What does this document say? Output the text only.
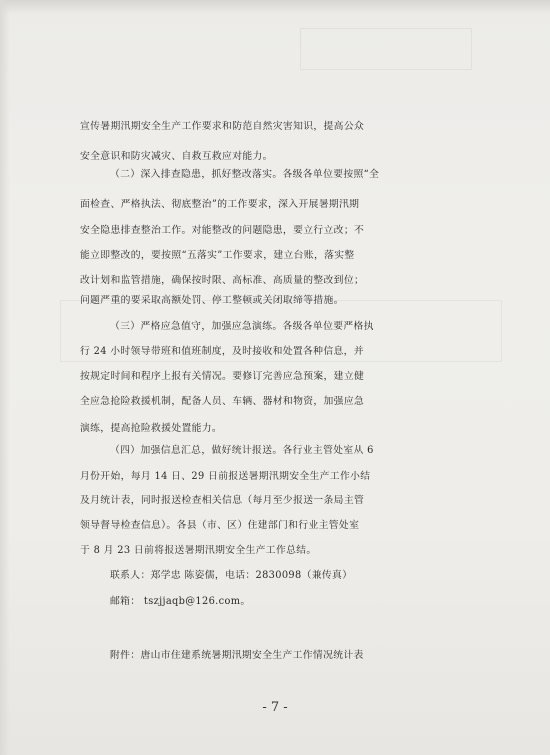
宣传暑期汛期安全生产工作要求和防范自然灾害知识，提高公众
安全意识和防灾减灾、自救互救应对能力。
（二）深入排查隐患，抓好整改落实。各级各单位要按照“全
面检查、严格执法、彻底整治”的工作要求，深入开展暑期汛期
安全隐患排查整治工作。对能整改的问题隐患，要立行立改；不
能立即整改的，要按照“五落实”工作要求，建立台账，落实整
改计划和监管措施，确保按时限、高标准、高质量的整改到位；
问题严重的要采取高额处罚、停工整顿或关闭取缔等措施。
（三）严格应急值守，加强应急演练。各级各单位要严格执
行 24 小时领导带班和值班制度，及时接收和处置各种信息，并
按规定时间和程序上报有关情况。要修订完善应急预案，建立健
全应急抢险救援机制，配备人员、车辆、器材和物资，加强应急
演练，提高抢险救援处置能力。
（四）加强信息汇总，做好统计报送。各行业主管处室从 6
月份开始，每月 14 日、29 日前报送暑期汛期安全生产工作小结
及月统计表，同时报送检查相关信息（每月至少报送一条局主管
领导督导检查信息）。各县（市、区）住建部门和行业主管处室
于 8 月 23 日前将报送暑期汛期安全生产工作总结。
联系人：郑学忠 陈姿儒，电话：2830098（兼传真）
邮箱： tszjjaqb@126.com。
附件：唐山市住建系统暑期汛期安全生产工作情况统计表
- 7 -
